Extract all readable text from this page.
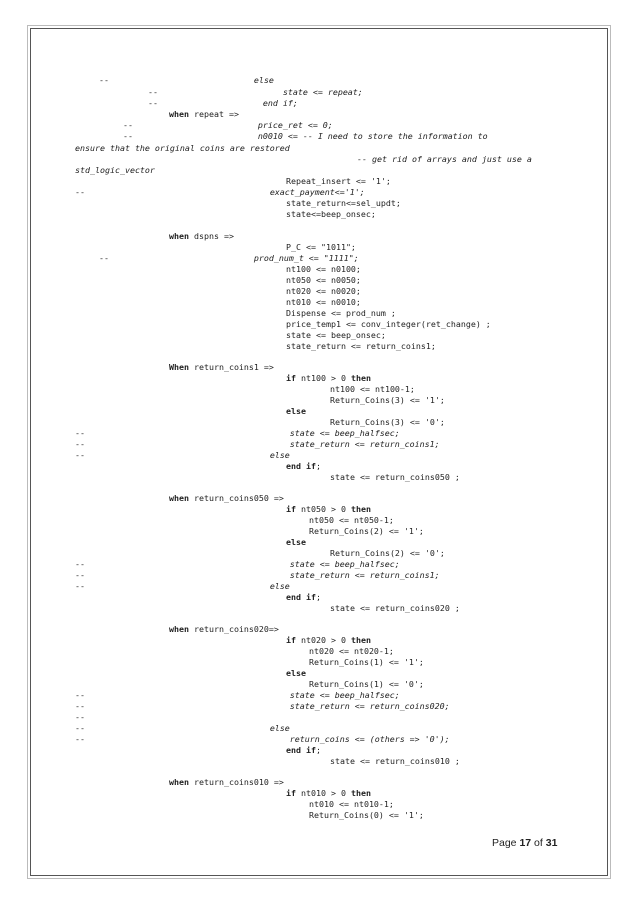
--                             else
--                         state <= repeat;
--                     end if;
when repeat =>
--                         price_ret <= 0;
--                         n0010 <= -- I need to store the information to
ensure that the original coins are restored
-- get rid of arrays and just use a
std_logic_vector
Repeat_insert <= '1';
--                                     exact_payment<='1';
state_return<=sel_updt;
state<=beep_onsec;
when dspns =>
P_C <= "1011";
--                             prod_num_t <= "1111";
nt100 <= n0100;
nt050 <= n0050;
nt020 <= n0020;
nt010 <= n0010;
Dispense <= prod_num ;
price_temp1 <= conv_integer(ret_change) ;
state <= beep_onsec;
state_return <= return_coins1;
When return_coins1 =>
if nt100 > 0 then
nt100 <= nt100-1;
Return_Coins(3) <= '1';
else
Return_Coins(3) <= '0';
--                                         state <= beep_halfsec;
--                                         state_return <= return_coins1;
--                                     else
end if;
state <= return_coins050 ;
when return_coins050 =>
if nt050 > 0 then
nt050 <= nt050-1;
Return_Coins(2) <= '1';
else
Return_Coins(2) <= '0';
--                                         state <= beep_halfsec;
--                                         state_return <= return_coins1;
--                                     else
end if;
state <= return_coins020 ;
when return_coins020=>
if nt020 > 0 then
nt020 <= nt020-1;
Return_Coins(1) <= '1';
else
Return_Coins(1) <= '0';
--                                         state <= beep_halfsec;
--                                         state_return <= return_coins020;
--
--                                     else
--                                         return_coins <= (others => '0');
end if;
state <= return_coins010 ;
when return_coins010 =>
if nt010 > 0 then
nt010 <= nt010-1;
Return_Coins(0) <= '1';
Page 17 of 31
